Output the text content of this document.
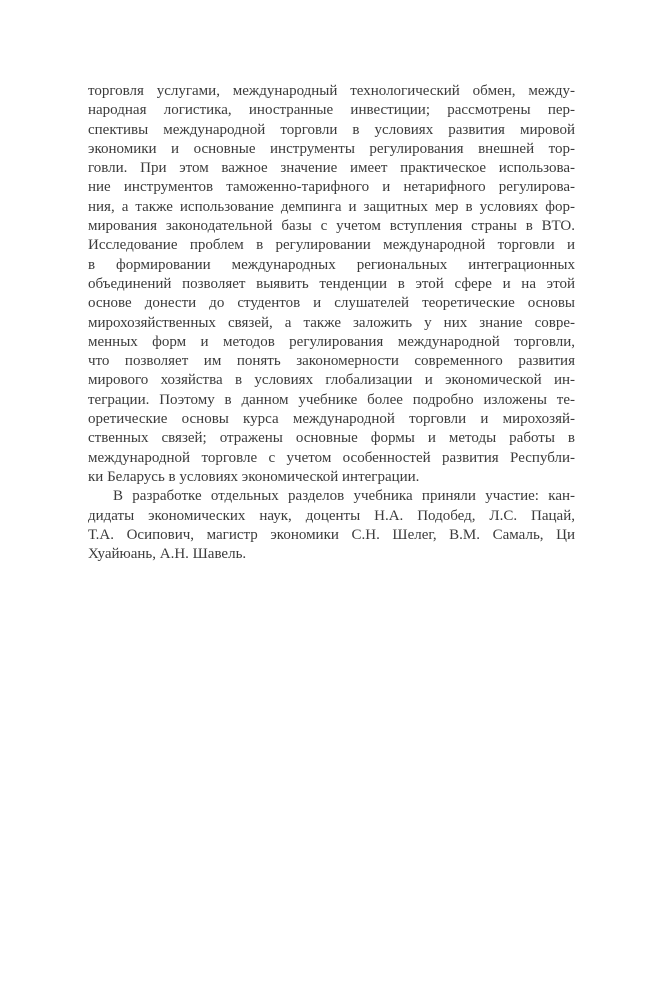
торговля услугами, международный технологический обмен, между-
народная логистика, иностранные инвестиции; рассмотрены пер-
спективы международной торговли в условиях развития мировой
экономики и основные инструменты регулирования внешней тор-
говли. При этом важное значение имеет практическое использова-
ние инструментов таможенно-тарифного и нетарифного регулирова-
ния, а также использование демпинга и защитных мер в условиях фор-
мирования законодательной базы с учетом вступления страны в ВТО.
Исследование проблем в регулировании международной торговли и
в формировании международных региональных интеграционных
объединений позволяет выявить тенденции в этой сфере и на этой
основе донести до студентов и слушателей теоретические основы
мирохозяйственных связей, а также заложить у них знание совре-
менных форм и методов регулирования международной торговли,
что позволяет им понять закономерности современного развития
мирового хозяйства в условиях глобализации и экономической ин-
теграции. Поэтому в данном учебнике более подробно изложены те-
оретические основы курса международной торговли и мирохозяй-
ственных связей; отражены основные формы и методы работы в
международной торговле с учетом особенностей развития Республи-
ки Беларусь в условиях экономической интеграции.
В разработке отдельных разделов учебника приняли участие: кан-
дидаты экономических наук, доценты Н.А. Подобед, Л.С. Пацай,
Т.А. Осипович, магистр экономики С.Н. Шелег, В.М. Самаль, Ци
Хуайюань, А.Н. Шавель.
